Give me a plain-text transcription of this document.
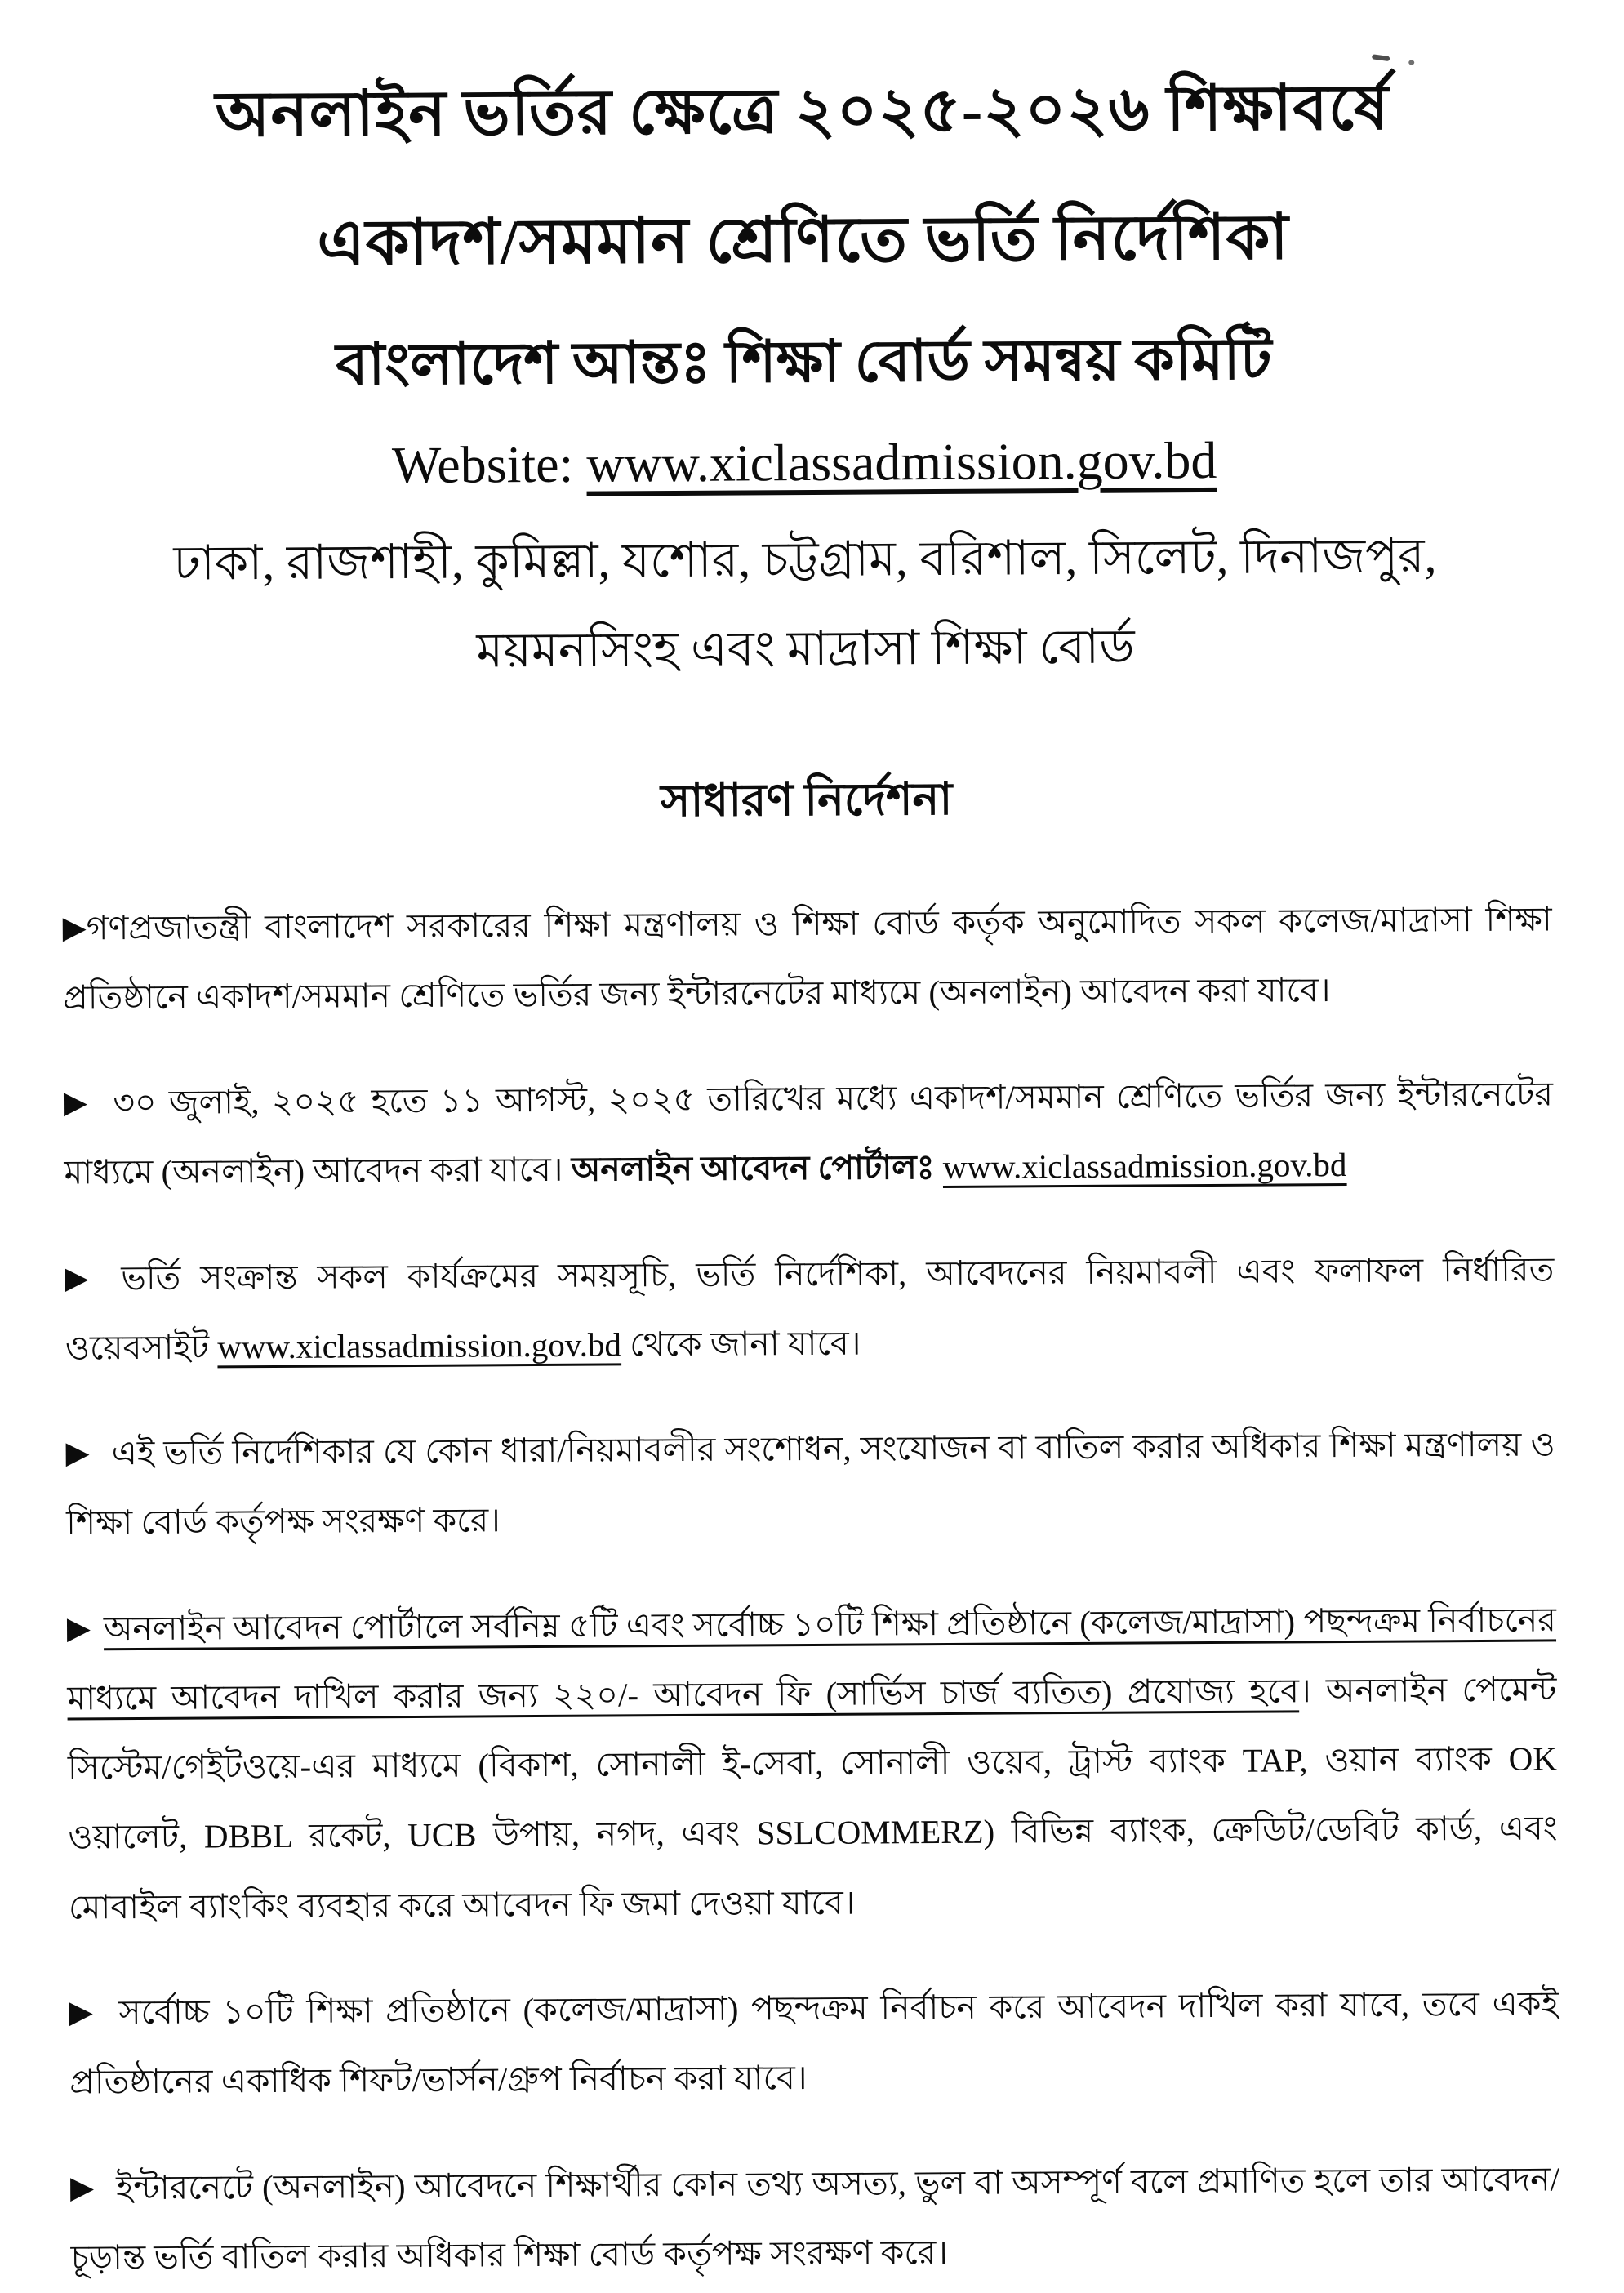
অনলাইন ভর্তির ক্ষেত্রে ২০২৫-২০২৬ শিক্ষাবর্ষে
একাদশ/সমমান শ্রেণিতে ভর্তি নির্দেশিকা
বাংলাদেশ আন্তঃ শিক্ষা বোর্ড সমন্বয় কমিটি
Website: www.xiclassadmission.gov.bd
ঢাকা, রাজশাহী, কুমিল্লা, যশোর, চট্টগ্রাম, বরিশাল, সিলেট, দিনাজপুর,
ময়মনসিংহ এবং মাদ্রাসা শিক্ষা বোর্ড
সাধারণ নির্দেশনা

▶গণপ্রজাতন্ত্রী বাংলাদেশ সরকারের শিক্ষা মন্ত্রণালয় ও শিক্ষা বোর্ড কর্তৃক অনুমোদিত সকল কলেজ/মাদ্রাসা শিক্ষা প্রতিষ্ঠানে একাদশ/সমমান শ্রেণিতে ভর্তির জন্য ইন্টারনেটের মাধ্যমে (অনলাইন) আবেদন করা যাবে।

▶ ৩০ জুলাই, ২০২৫ হতে ১১ আগস্ট, ২০২৫ তারিখের মধ্যে একাদশ/সমমান শ্রেণিতে ভর্তির জন্য ইন্টারনেটের মাধ্যমে (অনলাইন) আবেদন করা যাবে। অনলাইন আবেদন পোর্টালঃ www.xiclassadmission.gov.bd

▶ ভর্তি সংক্রান্ত সকল কার্যক্রমের সময়সূচি, ভর্তি নির্দেশিকা, আবেদনের নিয়মাবলী এবং ফলাফল নির্ধারিত ওয়েবসাইট www.xiclassadmission.gov.bd থেকে জানা যাবে।

▶ এই ভর্তি নির্দেশিকার যে কোন ধারা/নিয়মাবলীর সংশোধন, সংযোজন বা বাতিল করার অধিকার শিক্ষা মন্ত্রণালয় ও শিক্ষা বোর্ড কর্তৃপক্ষ সংরক্ষণ করে।

▶ অনলাইন আবেদন পোর্টালে সর্বনিম্ন ৫টি এবং সর্বোচ্চ ১০টি শিক্ষা প্রতিষ্ঠানে (কলেজ/মাদ্রাসা) পছন্দক্রম নির্বাচনের মাধ্যমে আবেদন দাখিল করার জন্য ২২০/- আবেদন ফি (সার্ভিস চার্জ ব্যতিত) প্রযোজ্য হবে। অনলাইন পেমেন্ট সিস্টেম/গেইটওয়ে-এর মাধ্যমে (বিকাশ, সোনালী ই-সেবা, সোনালী ওয়েব, ট্রাস্ট ব্যাংক TAP, ওয়ান ব্যাংক OK ওয়ালেট, DBBL রকেট, UCB উপায়, নগদ, এবং SSLCOMMERZ) বিভিন্ন ব্যাংক, ক্রেডিট/ডেবিট কার্ড, এবং মোবাইল ব্যাংকিং ব্যবহার করে আবেদন ফি জমা দেওয়া যাবে।

▶ সর্বোচ্চ ১০টি শিক্ষা প্রতিষ্ঠানে (কলেজ/মাদ্রাসা) পছন্দক্রম নির্বাচন করে আবেদন দাখিল করা যাবে, তবে একই প্রতিষ্ঠানের একাধিক শিফট/ভার্সন/গ্রুপ নির্বাচন করা যাবে।

▶ ইন্টারনেটে (অনলাইন) আবেদনে শিক্ষার্থীর কোন তথ্য অসত্য, ভুল বা অসম্পূর্ণ বলে প্রমাণিত হলে তার আবেদন/চূড়ান্ত ভর্তি বাতিল করার অধিকার শিক্ষা বোর্ড কর্তৃপক্ষ সংরক্ষণ করে।
